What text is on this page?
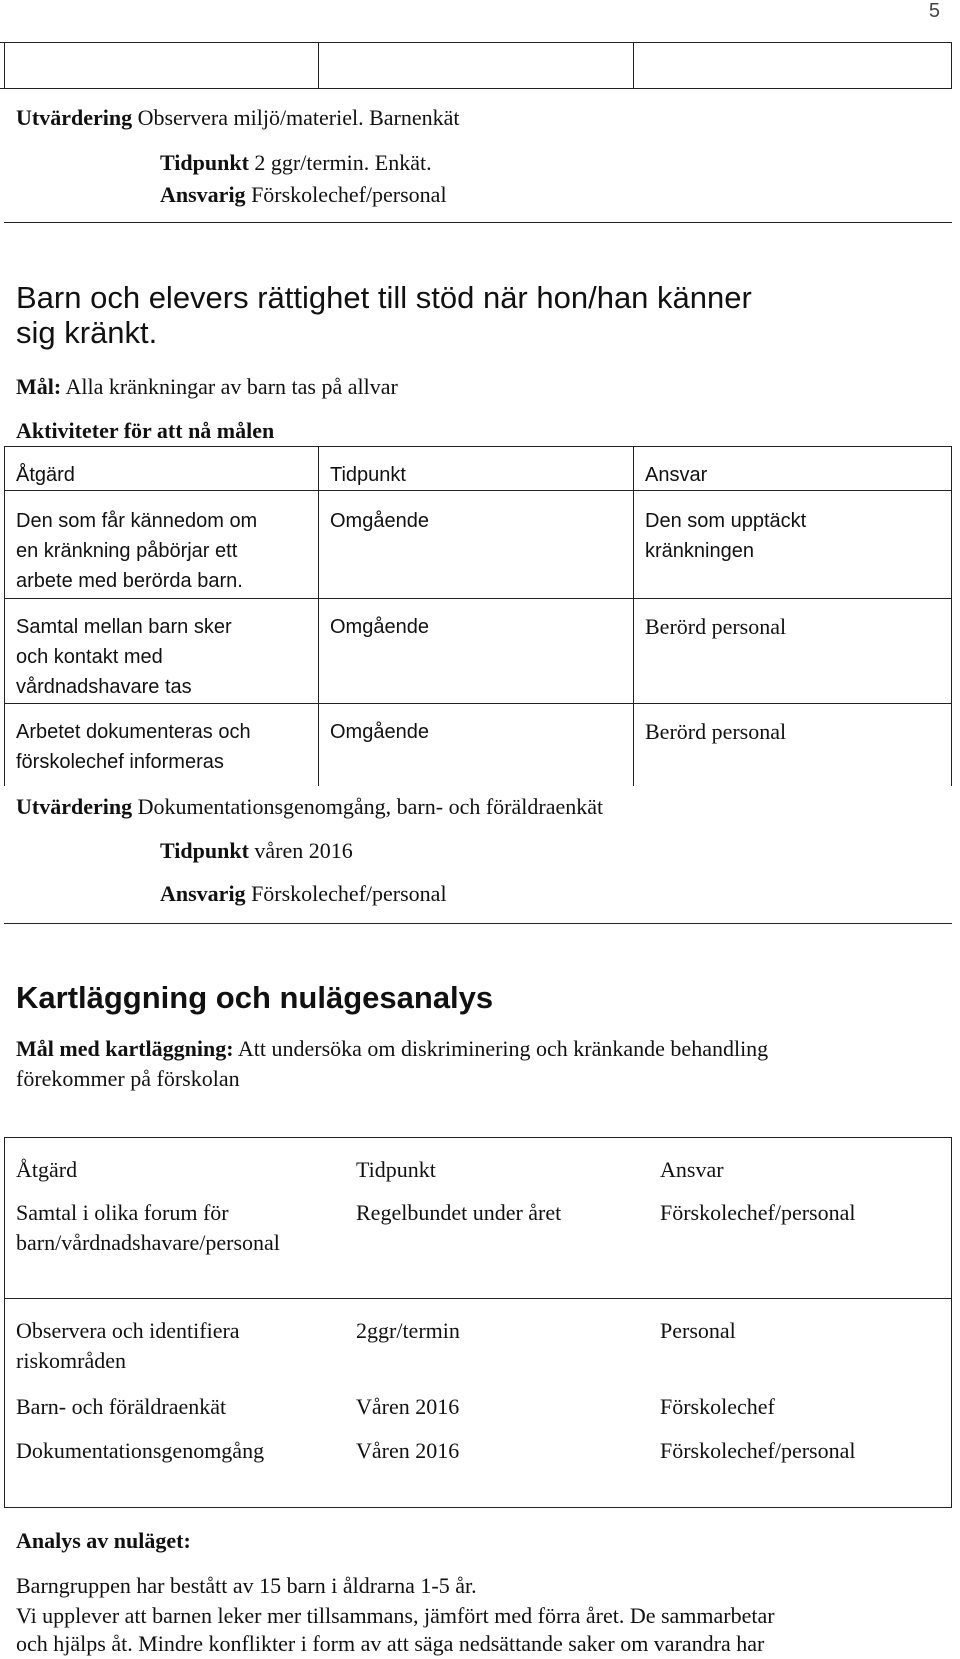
5
Utvärdering Observera miljö/materiel. Barnenkät
Tidpunkt 2 ggr/termin. Enkät.
Ansvarig Förskolechef/personal
Barn och elevers rättighet till stöd när hon/han känner
sig kränkt.
Mål: Alla kränkningar av barn tas på allvar
Aktiviteter för att nå målen
Åtgärd	Tidpunkt	Ansvar
Den som får kännedom om
en kränkning påbörjar ett
arbete med berörda barn.
Omgående	Den som upptäckt
kränkningen
Samtal mellan barn sker
och kontakt med
vårdnadshavare tas
Omgående	Berörd personal
Arbetet dokumenteras och
förskolechef informeras
Omgående	Berörd personal
Utvärdering Dokumentationsgenomgång, barn- och föräldraenkät
Tidpunkt våren 2016
Ansvarig Förskolechef/personal
Kartläggning och nulägesanalys
Mål med kartläggning: Att undersöka om diskriminering och kränkande behandling
förekommer på förskolan
Åtgärd	Tidpunkt	Ansvar
Samtal i olika forum för
barn/vårdnadshavare/personal
Regelbundet under året	Förskolechef/personal
Observera och identifiera
riskområden
2ggr/termin	Personal
Barn- och föräldraenkät	Våren 2016	Förskolechef
Dokumentationsgenomgång	Våren 2016	Förskolechef/personal
Analys av nuläget:
Barngruppen har bestått av 15 barn i åldrarna 1-5 år.
Vi upplever att barnen leker mer tillsammans, jämfört med förra året. De sammarbetar
och hjälps åt. Mindre konflikter i form av att säga nedsättande saker om varandra har
